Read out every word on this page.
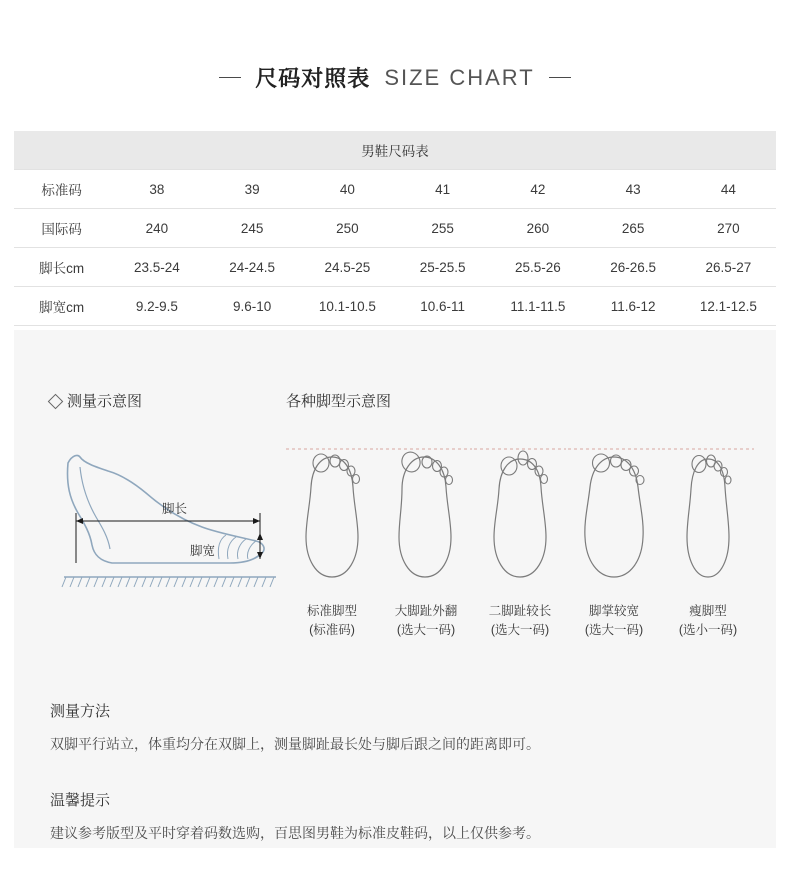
尺码对照表 SIZE CHART
男鞋尺码表							
标准码	38	39	40	41	42	43	44
国际码	240	245	250	255	260	265	270
脚长cm	23.5-24	24-24.5	24.5-25	25-25.5	25.5-26	26-26.5	26.5-27
脚宽cm	9.2-9.5	9.6-10	10.1-10.5	10.6-11	11.1-11.5	11.6-12	12.1-12.5
测量示意图
脚长
脚宽
各种脚型示意图
标准脚型
(标准码)
大脚趾外翻
(选大一码)
二脚趾较长
(选大一码)
脚掌较宽
(选大一码)
瘦脚型
(选小一码)
测量方法

双脚平行站立，体重均分在双脚上，测量脚趾最长处与脚后跟之间的距离即可。

温馨提示

建议参考版型及平时穿着码数选购，百思图男鞋为标准皮鞋码，以上仅供参考。
